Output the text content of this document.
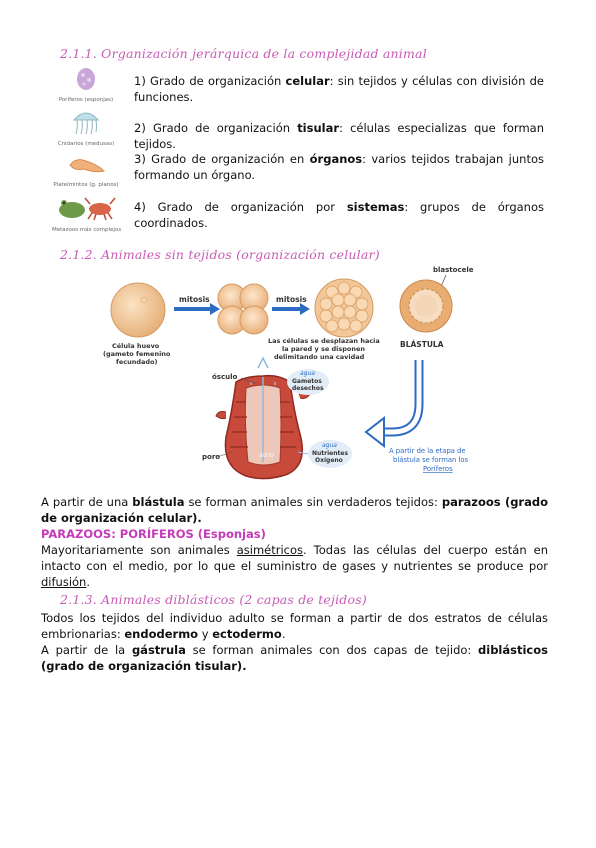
2.1.1. Organización jerárquica de la complejidad animal
Poríferos (esponjas)
Cnidarios (medusas)
Platelmintos (g. planos)
Metazoos más complejos
1) Grado de organización celular: sin tejidos y células con división de funciones.
2) Grado de organización tisular: células especializas que forman tejidos.
3) Grado de organización en órganos: varios tejidos trabajan juntos formando un órgano.
4) Grado de organización por sistemas: grupos de órganos coordinados.
2.1.2. Animales sin tejidos (organización celular)
Célula huevo
(gameto femenino
fecundado)
mitosis	mitosis
Las células se desplazan hacia
la pared y se disponen
delimitando una cavidad
blastocele
BLÁSTULA
A partir de la etapa de
blástula se forman los
Poríferos
ósculo
atrio
poro
agua
Gametos
desechos
agua
Nutrientes
Oxígeno
A partir de una blástula se forman animales sin verdaderos tejidos: parazoos (grado de organización celular).
PARAZOOS: PORÍFEROS (Esponjas)
Mayoritariamente son animales asimétricos. Todas las células del cuerpo están en intacto con el medio, por lo que el suministro de gases y nutrientes se produce por difusión.
2.1.3. Animales diblásticos (2 capas de tejidos)
Todos los tejidos del individuo adulto se forman a partir de dos estratos de células embrionarias: endodermo y ectodermo.
A partir de la gástrula se forman animales con dos capas de tejido: diblásticos (grado de organización tisular).
